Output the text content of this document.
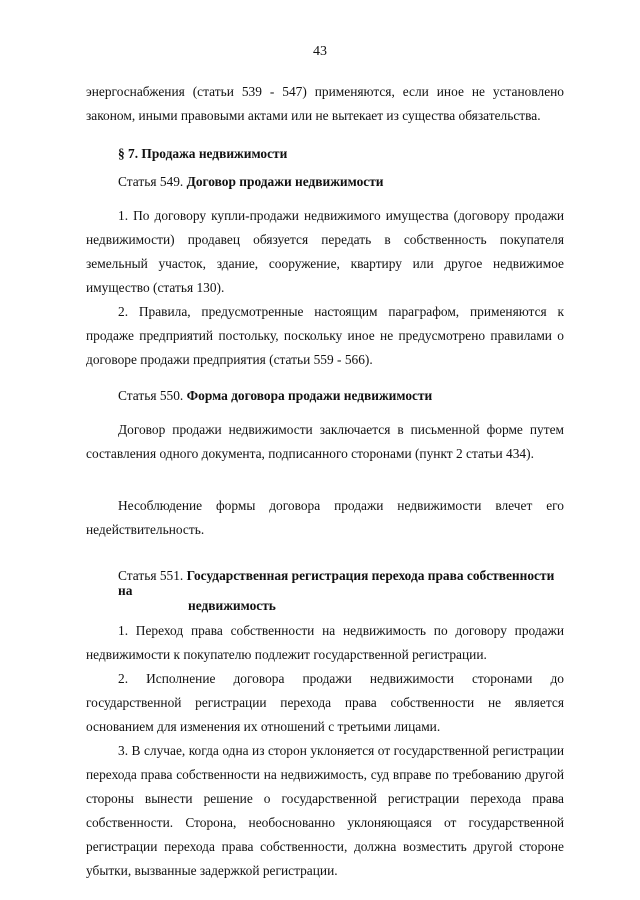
43

энергоснабжения (статьи 539 - 547) применяются, если иное не установлено законом, иными правовыми актами или не вытекает из существа обязательства.

§ 7. Продажа недвижимости

Статья 549. Договор продажи недвижимости

1. По договору купли-продажи недвижимого имущества (договору продажи недвижимости) продавец обязуется передать в собственность покупателя земельный участок, здание, сооружение, квартиру или другое недвижимое имущество (статья 130).

2. Правила, предусмотренные настоящим параграфом, применяются к продаже предприятий постольку, поскольку иное не предусмотрено правилами о договоре продажи предприятия (статьи 559 - 566).

Статья 550. Форма договора продажи недвижимости

Договор продажи недвижимости заключается в письменной форме путем составления одного документа, подписанного сторонами (пункт 2 статьи 434).

Несоблюдение формы договора продажи недвижимости влечет его недействительность.

Статья 551. Государственная регистрация перехода права собственности на
недвижимость

1. Переход права собственности на недвижимость по договору продажи недвижимости к покупателю подлежит государственной регистрации.

2. Исполнение договора продажи недвижимости сторонами до государственной регистрации перехода права собственности не является основанием для изменения их отношений с третьими лицами.

3. В случае, когда одна из сторон уклоняется от государственной регистрации перехода права собственности на недвижимость, суд вправе по требованию другой стороны вынести решение о государственной регистрации перехода права собственности. Сторона, необоснованно уклоняющаяся от государственной регистрации перехода права собственности, должна возместить другой стороне убытки, вызванные задержкой регистрации.
